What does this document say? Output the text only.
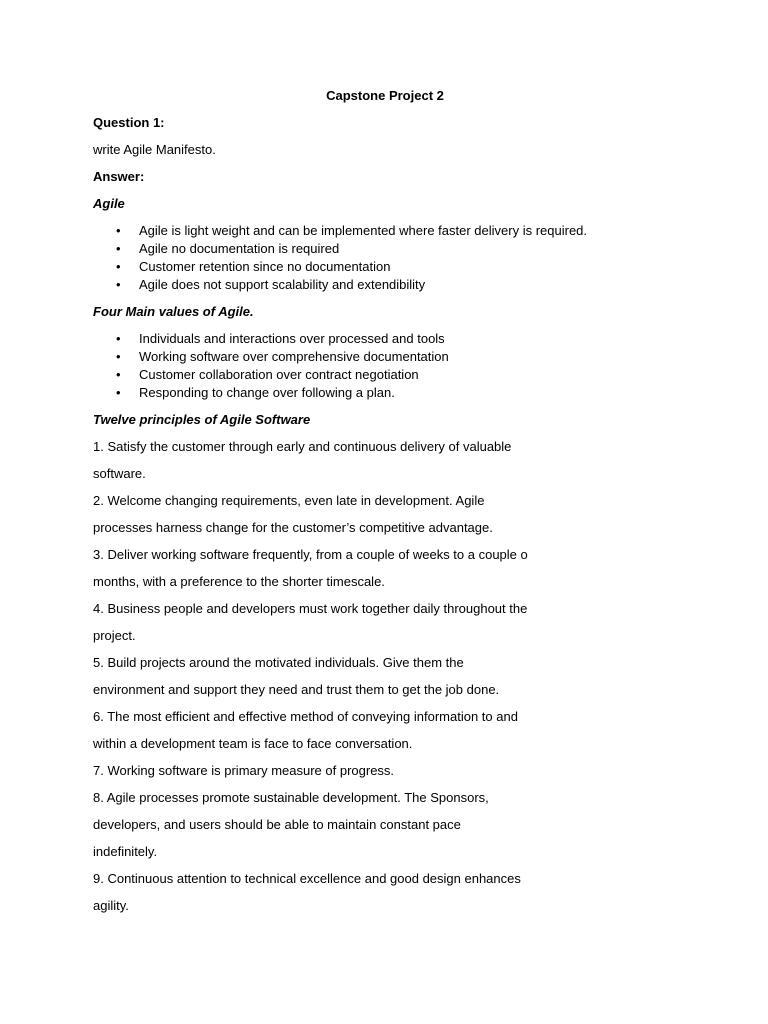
Capstone Project 2

Question 1:

write Agile Manifesto.

Answer:

Agile

• Agile is light weight and can be implemented where faster delivery is required.
• Agile no documentation is required
• Customer retention since no documentation
• Agile does not support scalability and extendibility

Four Main values of Agile.

• Individuals and interactions over processed and tools
• Working software over comprehensive documentation
• Customer collaboration over contract negotiation
• Responding to change over following a plan.

Twelve principles of Agile Software

1. Satisfy the customer through early and continuous delivery of valuable

software.

2. Welcome changing requirements, even late in development. Agile

processes harness change for the customer’s competitive advantage.

3. Deliver working software frequently, from a couple of weeks to a couple o

months, with a preference to the shorter timescale.

4. Business people and developers must work together daily throughout the

project.

5. Build projects around the motivated individuals. Give them the

environment and support they need and trust them to get the job done.

6. The most efficient and effective method of conveying information to and

within a development team is face to face conversation.

7. Working software is primary measure of progress.

8. Agile processes promote sustainable development. The Sponsors,

developers, and users should be able to maintain constant pace

indefinitely.

9. Continuous attention to technical excellence and good design enhances

agility.
